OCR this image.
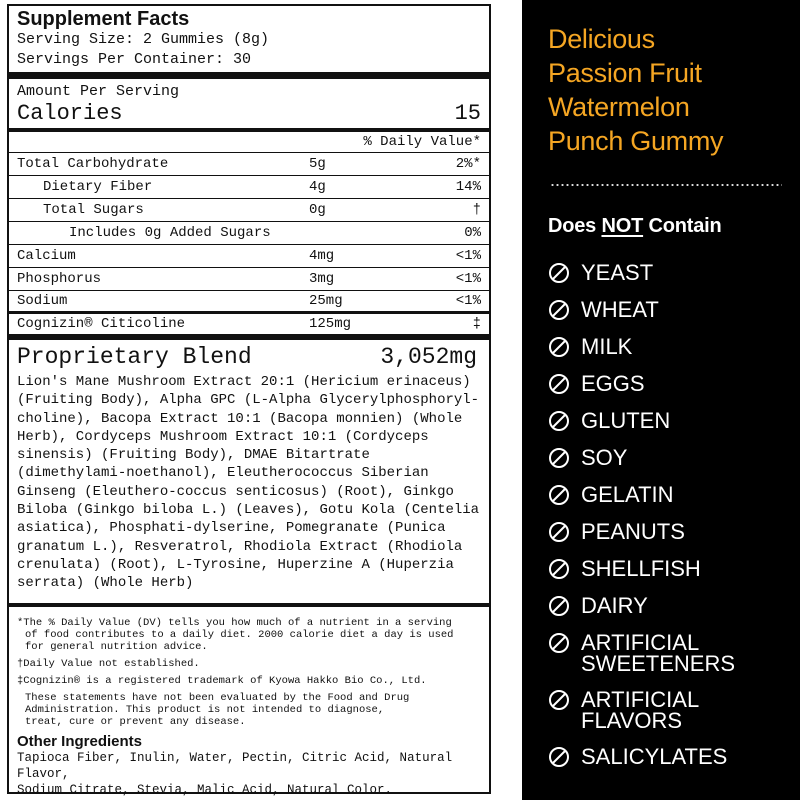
Supplement Facts
Serving Size: 2 Gummies (8g)
Servings Per Container: 30
Amount Per Serving
Calories	15
% Daily Value*
Total Carbohydrate	5g	2%*
Dietary Fiber	4g	14%
Total Sugars	0g	†
Includes 0g Added Sugars	0%
Calcium	4mg	<1%
Phosphorus	3mg	<1%
Sodium	25mg	<1%
Cognizin® Citicoline	125mg	‡
Proprietary Blend	3,052mg
Lion's Mane Mushroom Extract 20:1 (Hericium erinaceus) (Fruiting Body), Alpha GPC (L-Alpha Glycerylphosphoryl-choline), Bacopa Extract 10:1 (Bacopa monnien) (Whole Herb), Cordyceps Mushroom Extract 10:1 (Cordyceps sinensis) (Fruiting Body), DMAE Bitartrate (dimethylami-noethanol), Eleutherococcus Siberian Ginseng (Eleuthero-coccus senticosus) (Root), Ginkgo Biloba (Ginkgo biloba L.) (Leaves), Gotu Kola (Centelia asiatica), Phosphati-dylserine, Pomegranate (Punica granatum L.), Resveratrol, Rhodiola Extract (Rhodiola crenulata) (Root), L-Tyrosine, Huperzine A (Huperzia serrata) (Whole Herb)

*The % Daily Value (DV) tells you how much of a nutrient in a serving
of food contributes to a daily diet. 2000 calorie diet a day is used
for general nutrition advice.

†Daily Value not established.

‡Cognizin® is a registered trademark of Kyowa Hakko Bio Co., Ltd.

These statements have not been evaluated by the Food and Drug
Administration. This product is not intended to diagnose,
treat, cure or prevent any disease.

Other Ingredients
Tapioca Fiber, Inulin, Water, Pectin, Citric Acid, Natural Flavor,
Sodium Citrate, Stevia, Malic Acid, Natural Color.
Delicious
Passion Fruit
Watermelon
Punch Gummy
Does NOT Contain
YEAST
WHEAT
MILK
EGGS
GLUTEN
SOY
GELATIN
PEANUTS
SHELLFISH
DAIRY
ARTIFICIAL
SWEETENERS
ARTIFICIAL
FLAVORS
SALICYLATES
